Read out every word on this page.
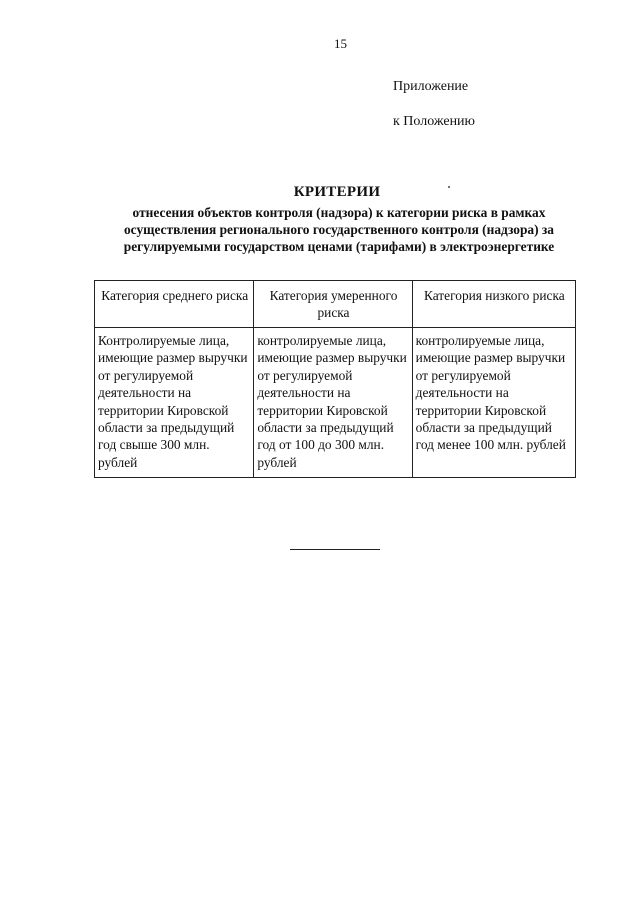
15
Приложение
к Положению
КРИТЕРИИ
отнесения объектов контроля (надзора) к категории риска в рамках
осуществления регионального государственного контроля (надзора) за
регулируемыми государством ценами (тарифами) в электроэнергетике
Категория среднего риска	Категория умеренного риска	Категория низкого риска
Контролируемые лица, имеющие размер выручки от регулируемой деятельности на территории Кировской области за предыдущий год свыше 300 млн. рублей	контролируемые лица, имеющие размер выручки от регулируемой деятельности на территории Кировской области за предыдущий год от 100 до 300 млн. рублей	контролируемые лица, имеющие размер выручки от регулируемой деятельности на территории Кировской области за предыдущий год менее 100 млн. рублей
